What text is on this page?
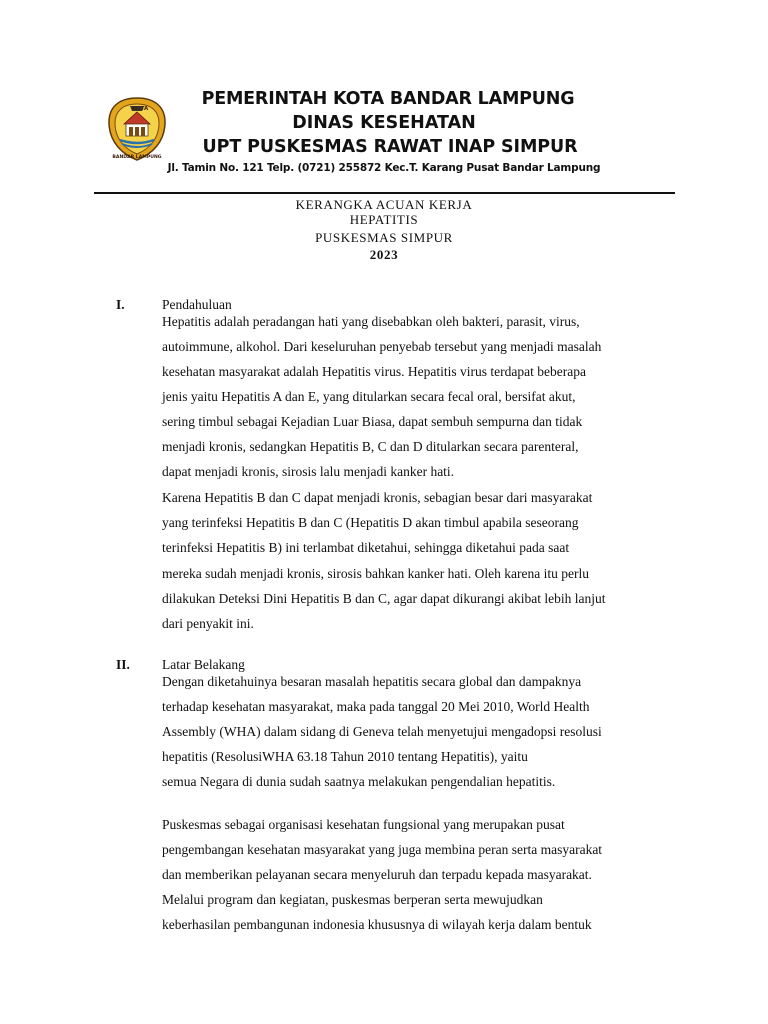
KOTA
BANDAR LAMPUNG
PEMERINTAH KOTA BANDAR LAMPUNG
DINAS KESEHATAN
UPT PUSKESMAS RAWAT INAP SIMPUR
Jl. Tamin No. 121 Telp. (0721) 255872 Kec.T. Karang Pusat Bandar Lampung
KERANGKA ACUAN KERJA
HEPATITIS
PUSKESMAS SIMPUR
2023
I.	Pendahuluan
Hepatitis adalah peradangan hati yang disebabkan oleh bakteri, parasit, virus,
autoimmune, alkohol. Dari keseluruhan penyebab tersebut yang menjadi masalah
kesehatan masyarakat adalah Hepatitis virus. Hepatitis virus terdapat beberapa
jenis yaitu Hepatitis A dan E, yang ditularkan secara fecal oral, bersifat akut,
sering timbul sebagai Kejadian Luar Biasa, dapat sembuh sempurna dan tidak
menjadi kronis, sedangkan Hepatitis B, C dan D ditularkan secara parenteral,
dapat menjadi kronis, sirosis lalu menjadi kanker hati.
Karena Hepatitis B dan C dapat menjadi kronis, sebagian besar dari masyarakat
yang terinfeksi Hepatitis B dan C (Hepatitis D akan timbul apabila seseorang
terinfeksi Hepatitis B) ini terlambat diketahui, sehingga diketahui pada saat
mereka sudah menjadi kronis, sirosis bahkan kanker hati. Oleh karena itu perlu
dilakukan Deteksi Dini Hepatitis B dan C, agar dapat dikurangi akibat lebih lanjut
dari penyakit ini.
II. Latar Belakang
Dengan diketahuinya besaran masalah hepatitis secara global dan dampaknya
terhadap kesehatan masyarakat, maka pada tanggal 20 Mei 2010, World Health
Assembly (WHA) dalam sidang di Geneva telah menyetujui mengadopsi resolusi
hepatitis (ResolusiWHA 63.18 Tahun 2010 tentang Hepatitis), yaitu
semua Negara di dunia sudah saatnya melakukan pengendalian hepatitis.
Puskesmas sebagai organisasi kesehatan fungsional yang merupakan pusat
pengembangan kesehatan masyarakat yang juga membina peran serta masyarakat
dan memberikan pelayanan secara menyeluruh dan terpadu kepada masyarakat.
Melalui program dan kegiatan, puskesmas berperan serta mewujudkan
keberhasilan pembangunan indonesia khususnya di wilayah kerja dalam bentuk
